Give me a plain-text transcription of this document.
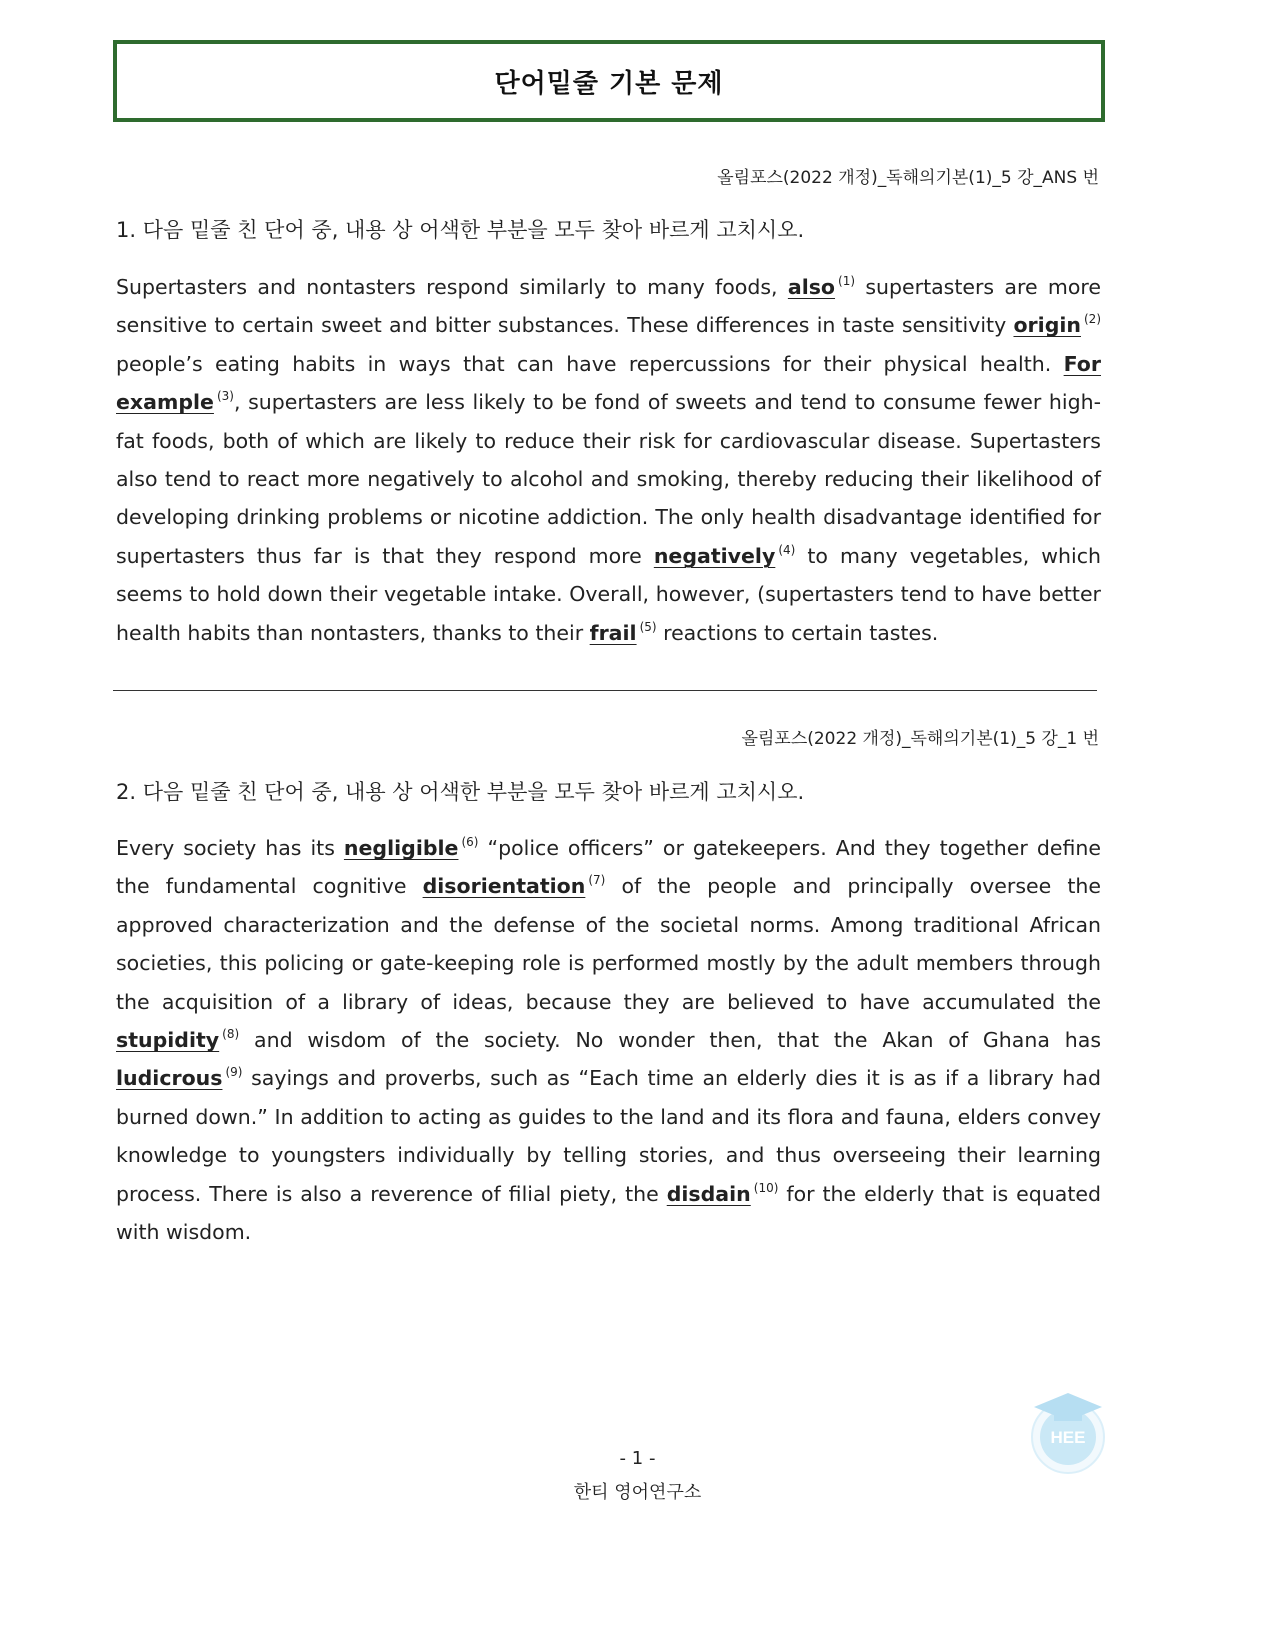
단어밑줄 기본 문제
올림포스(2022 개정)_독해의기본(1)_5 강_ANS 번
1. 다음 밑줄 친 단어 중, 내용 상 어색한 부분을 모두 찾아 바르게 고치시오.
Supertasters and nontasters respond similarly to many foods, also $^{(1)}$ supertasters are more sensitive to certain sweet and bitter substances. These differences in taste sensitivity origin $^{(2)}$ people’s eating habits in ways that can have repercussions for their physical health. For example $^{(3)}$, supertasters are less likely to be fond of sweets and tend to consume fewer high-fat foods, both of which are likely to reduce their risk for cardiovascular disease. Supertasters also tend to react more negatively to alcohol and smoking, thereby reducing their likelihood of developing drinking problems or nicotine addiction. The only health disadvantage identified for supertasters thus far is that they respond more negatively $^{(4)}$ to many vegetables, which seems to hold down their vegetable intake. Overall, however, (supertasters tend to have better health habits than nontasters, thanks to their frail $^{(5)}$ reactions to certain tastes.
올림포스(2022 개정)_독해의기본(1)_5 강_1 번
2. 다음 밑줄 친 단어 중, 내용 상 어색한 부분을 모두 찾아 바르게 고치시오.
Every society has its negligible $^{(6)}$ “police officers” or gatekeepers. And they together define the fundamental cognitive disorientation $^{(7)}$ of the people and principally oversee the approved characterization and the defense of the societal norms. Among traditional African societies, this policing or gate-keeping role is performed mostly by the adult members through the acquisition of a library of ideas, because they are believed to have accumulated the stupidity $^{(8)}$ and wisdom of the society. No wonder then, that the Akan of Ghana has ludicrous $^{(9)}$ sayings and proverbs, such as “Each time an elderly dies it is as if a library had burned down.” In addition to acting as guides to the land and its flora and fauna, elders convey knowledge to youngsters individually by telling stories, and thus overseeing their learning process. There is also a reverence of filial piety, the disdain $^{(10)}$ for the elderly that is equated with wisdom.
HEE
- 1 -
한티 영어연구소
